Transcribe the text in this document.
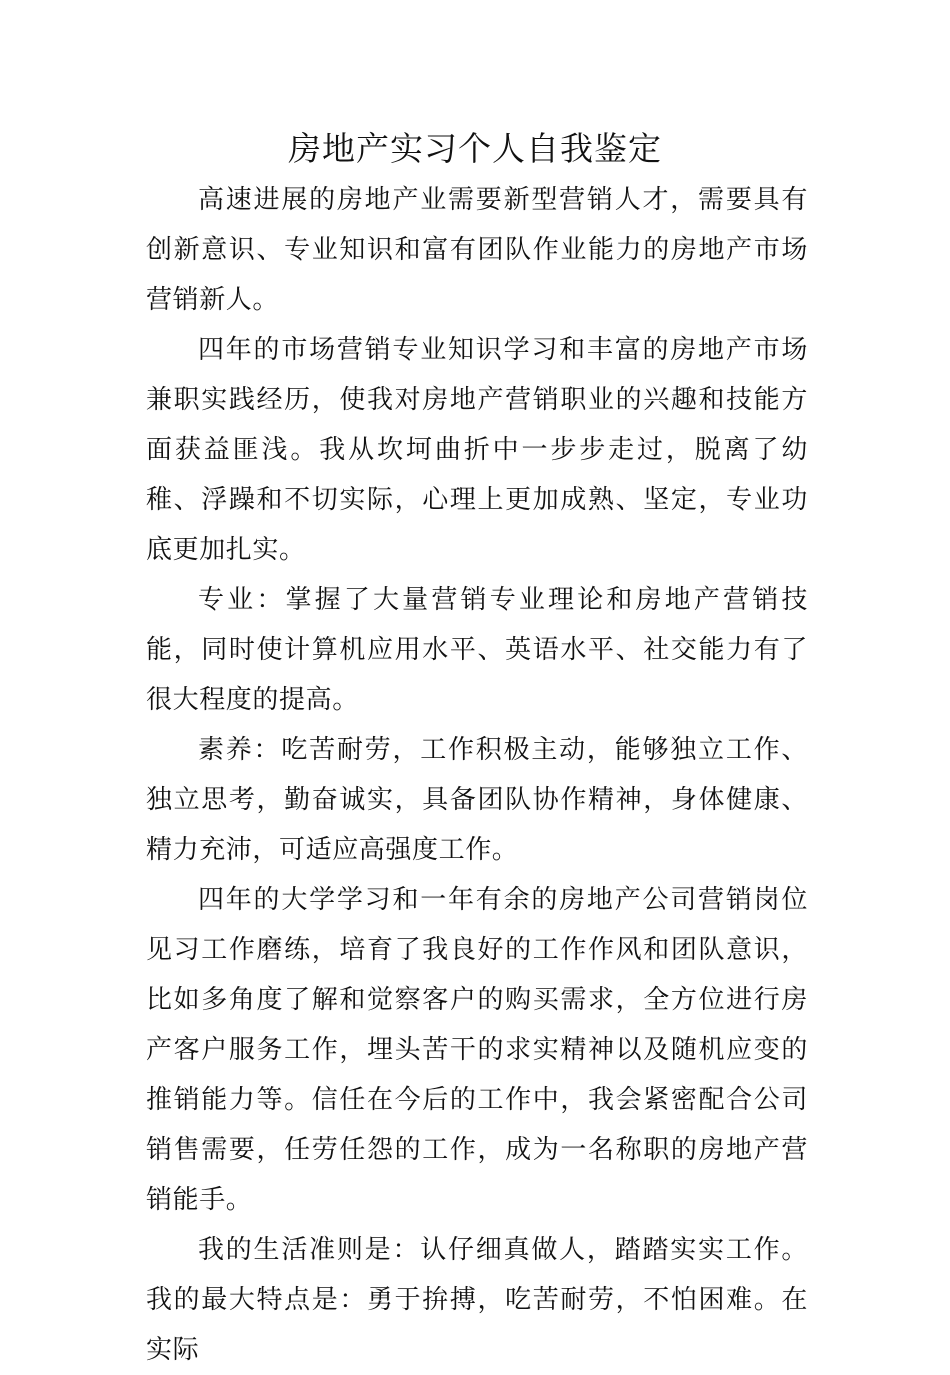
房地产实习个人自我鉴定

高速进展的房地产业需要新型营销人才，需要具有创新意识、专业知识和富有团队作业能力的房地产市场营销新人。

四年的市场营销专业知识学习和丰富的房地产市场兼职实践经历，使我对房地产营销职业的兴趣和技能方面获益匪浅。我从坎坷曲折中一步步走过，脱离了幼稚、浮躁和不切实际，心理上更加成熟、坚定，专业功底更加扎实。

专业：掌握了大量营销专业理论和房地产营销技能，同时使计算机应用水平、英语水平、社交能力有了很大程度的提高。

素养：吃苦耐劳，工作积极主动，能够独立工作、独立思考，勤奋诚实，具备团队协作精神，身体健康、精力充沛，可适应高强度工作。

四年的大学学习和一年有余的房地产公司营销岗位见习工作磨练，培育了我良好的工作作风和团队意识，比如多角度了解和觉察客户的购买需求，全方位进行房产客户服务工作，埋头苦干的求实精神以及随机应变的推销能力等。信任在今后的工作中，我会紧密配合公司销售需要，任劳任怨的工作，成为一名称职的房地产营销能手。

我的生活准则是：认仔细真做人，踏踏实实工作。我的最大特点是：勇于拚搏，吃苦耐劳，不怕困难。在实际
